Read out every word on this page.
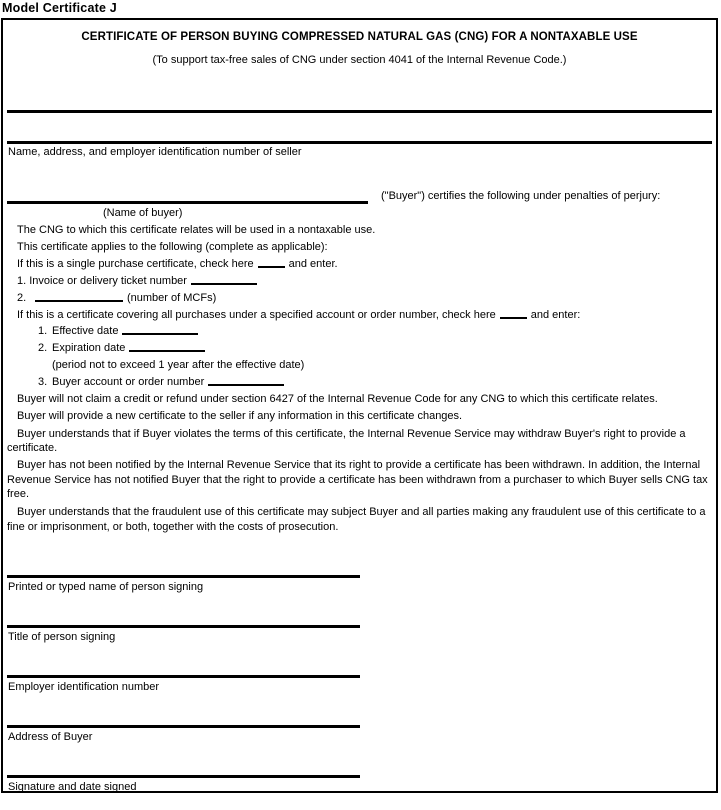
Model Certificate J
CERTIFICATE OF PERSON BUYING COMPRESSED NATURAL GAS (CNG) FOR A NONTAXABLE USE
(To support tax-free sales of CNG under section 4041 of the Internal Revenue Code.)
Name, address, and employer identification number of seller
(Name of buyer)
("Buyer") certifies the following under penalties of perjury:
The CNG to which this certificate relates will be used in a nontaxable use.
This certificate applies to the following (complete as applicable):
If this is a single purchase certificate, check here	and enter.
1. Invoice or delivery ticket number
2.	(number of MCFs)
If this is a certificate covering all purchases under a specified account or order number, check here	and enter:
1. Effective date
2. Expiration date
(period not to exceed 1 year after the effective date)
3. Buyer account or order number
Buyer will not claim a credit or refund under section 6427 of the Internal Revenue Code for any CNG to which this certificate relates.
Buyer will provide a new certificate to the seller if any information in this certificate changes.

Buyer understands that if Buyer violates the terms of this certificate, the Internal Revenue Service may withdraw Buyer's right to provide a certificate.

Buyer has not been notified by the Internal Revenue Service that its right to provide a certificate has been withdrawn. In addition, the Internal Revenue Service has not notified Buyer that the right to provide a certificate has been withdrawn from a purchaser to which Buyer sells CNG tax free.

Buyer understands that the fraudulent use of this certificate may subject Buyer and all parties making any fraudulent use of this certificate to a fine or imprisonment, or both, together with the costs of prosecution.

Printed or typed name of person signing
Title of person signing
Employer identification number
Address of Buyer
Signature and date signed
